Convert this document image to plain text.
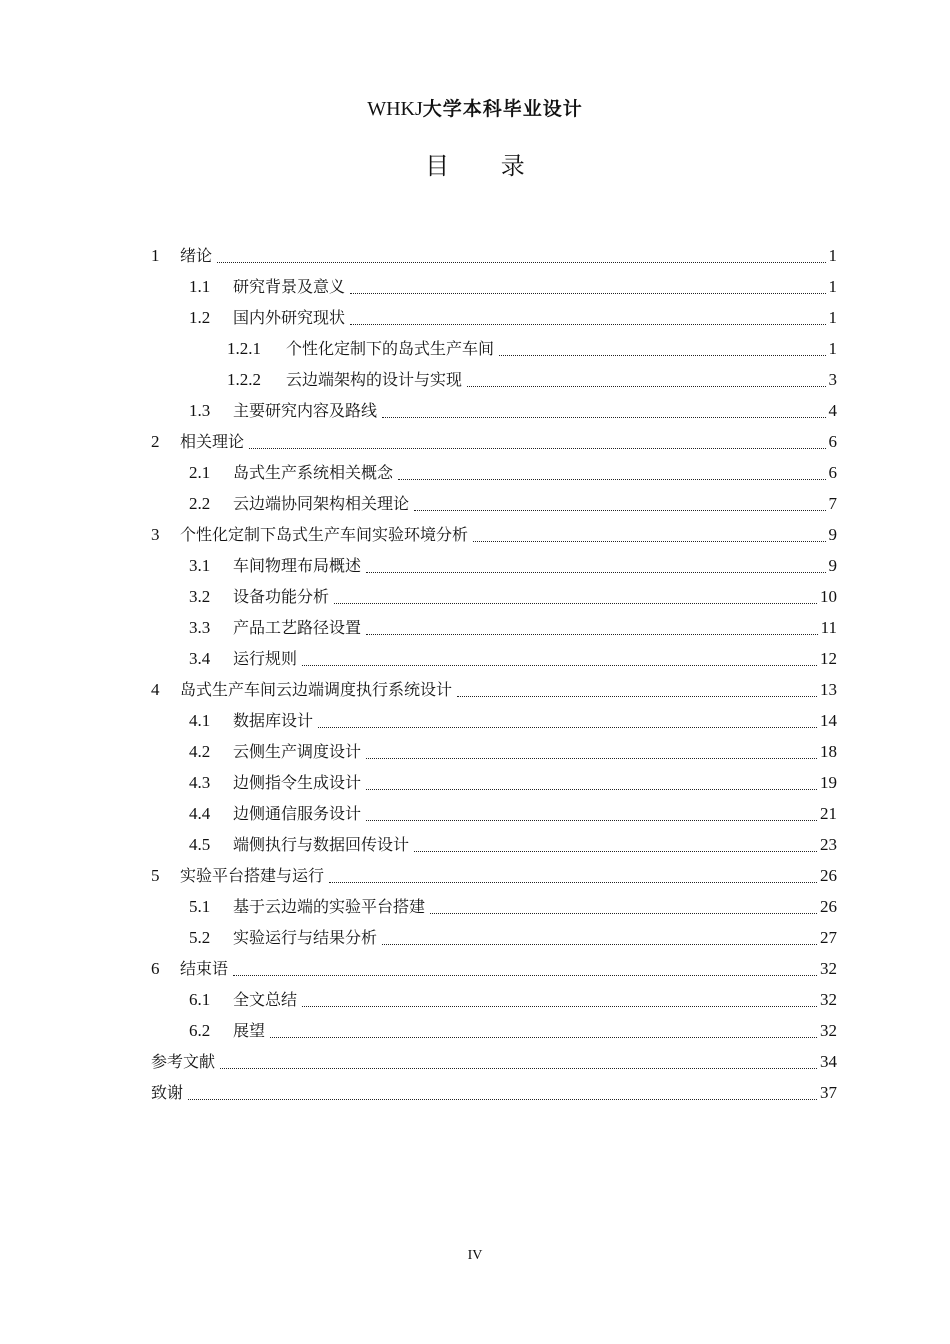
WHKJ大学本科毕业设计
目 录
1	绪论	1
1.1	研究背景及意义	1
1.2	国内外研究现状	1
1.2.1	个性化定制下的岛式生产车间	1
1.2.2	云边端架构的设计与实现	3
1.3	主要研究内容及路线	4
2	相关理论	6
2.1	岛式生产系统相关概念	6
2.2	云边端协同架构相关理论	7
3	个性化定制下岛式生产车间实验环境分析	9
3.1	车间物理布局概述	9
3.2	设备功能分析	10
3.3	产品工艺路径设置	11
3.4	运行规则	12
4	岛式生产车间云边端调度执行系统设计	13
4.1	数据库设计	14
4.2	云侧生产调度设计	18
4.3	边侧指令生成设计	19
4.4	边侧通信服务设计	21
4.5	端侧执行与数据回传设计	23
5	实验平台搭建与运行	26
5.1	基于云边端的实验平台搭建	26
5.2	实验运行与结果分析	27
6	结束语	32
6.1	全文总结	32
6.2	展望	32
参考文献	34
致谢	37
IV
